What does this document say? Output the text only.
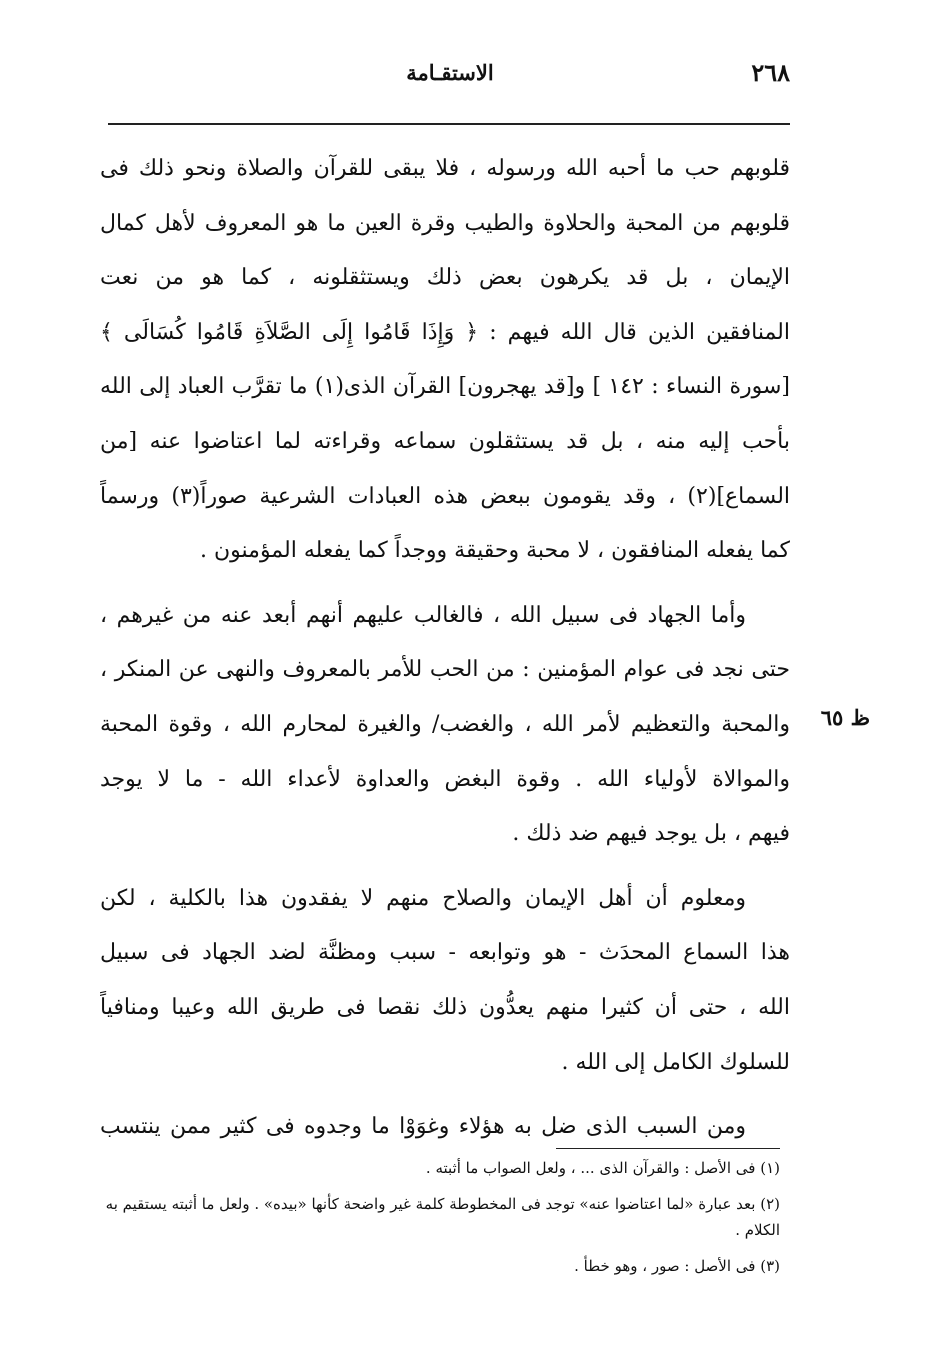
٢٦٨
الاستقـامة
ظ ٦٥
قلوبهم حب ما أحبه الله ورسوله ، فلا يبقى للقرآن والصلاة ونحو ذلك فى
قلوبهم من المحبة والحلاوة والطيب وقرة العين ما هو المعروف لأهل كمال
الإيمان ، بل قد يكرهون بعض ذلك ويستثقلونه ، كما هو من نعت
المنافقين الذين قال الله فيهم : ﴿ وَإِذَا قَامُوا إِلَى الصَّلاَةِ قَامُوا كُسَالَى ﴾
[سورة النساء : ١٤٢ ] و[قد يهجرون] القرآن الذى(١) ما تقرَّب العباد إلى الله
بأحب إليه منه ، بل قد يستثقلون سماعه وقراءته لما اعتاضوا عنه [من
السماع](٢) ، وقد يقومون ببعض هذه العبادات الشرعية صوراً(٣) ورسماً
كما يفعله المنافقون ، لا محبة وحقيقة ووجداً كما يفعله المؤمنون .
وأما الجهاد فى سبيل الله ، فالغالب عليهم أنهم أبعد عنه من غيرهم ،
حتى نجد فى عوام المؤمنين : من الحب للأمر بالمعروف والنهى عن المنكر ،
والمحبة والتعظيم لأمر الله ، والغضب/ والغيرة لمحارم الله ، وقوة المحبة
والموالاة لأولياء الله . وقوة البغض والعداوة لأعداء الله - ما لا يوجد
فيهم ، بل يوجد فيهم ضد ذلك .
ومعلوم أن أهل الإيمان والصلاح منهم لا يفقدون هذا بالكلية ، لكن
هذا السماع المحدَث - هو وتوابعه - سبب ومظنَّة لضد الجهاد فى سبيل
الله ، حتى أن كثيرا منهم يعدُّون ذلك نقصا فى طريق الله وعيبا ومنافياً
للسلوك الكامل إلى الله .
ومن السبب الذى ضل به هؤلاء وغوَوْا ما وجدوه فى كثير ممن ينتسب
(١) فى الأصل : والقرآن الذى ... ، ولعل الصواب ما أثبته .
(٢) بعد عبارة «لما اعتاضوا عنه» توجد فى المخطوطة كلمة غير واضحة كأنها «بيده» . ولعل ما أثبته يستقيم به
الكلام .
(٣) فى الأصل : صور ، وهو خطأ .
